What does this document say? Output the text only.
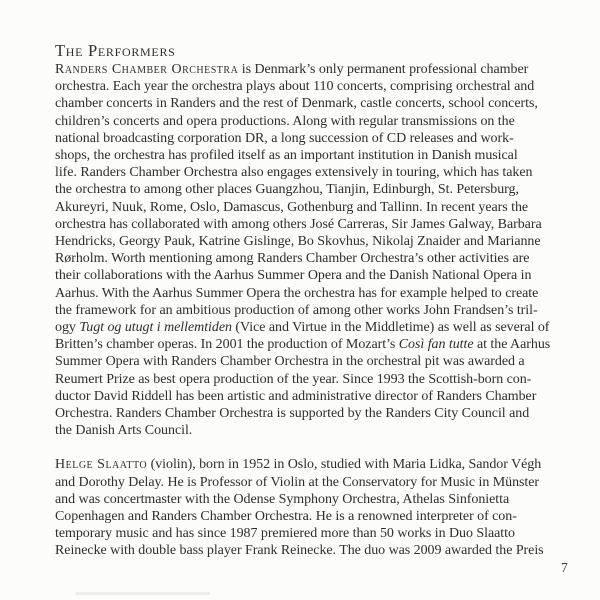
The Performers
Randers Chamber Orchestra is Denmark’s only permanent professional chamber
orchestra. Each year the orchestra plays about 110 concerts, comprising orchestral and
chamber concerts in Randers and the rest of Denmark, castle concerts, school concerts,
children’s concerts and opera productions. Along with regular transmissions on the
national broadcasting corporation DR, a long succession of CD releases and work-
shops, the orchestra has profiled itself as an important institution in Danish musical
life. Randers Chamber Orchestra also engages extensively in touring, which has taken
the orchestra to among other places Guangzhou, Tianjin, Edinburgh, St. Petersburg,
Akureyri, Nuuk, Rome, Oslo, Damascus, Gothenburg and Tallinn. In recent years the
orchestra has collaborated with among others José Carreras, Sir James Galway, Barbara
Hendricks, Georgy Pauk, Katrine Gislinge, Bo Skovhus, Nikolaj Znaider and Marianne
Rørholm. Worth mentioning among Randers Chamber Orchestra’s other activities are
their collaborations with the Aarhus Summer Opera and the Danish National Opera in
Aarhus. With the Aarhus Summer Opera the orchestra has for example helped to create
the framework for an ambitious production of among other works John Frandsen’s tril-
ogy Tugt og utugt i mellemtiden (Vice and Virtue in the Middletime) as well as several of
Britten’s chamber operas. In 2001 the production of Mozart’s Così fan tutte at the Aarhus
Summer Opera with Randers Chamber Orchestra in the orchestral pit was awarded a
Reumert Prize as best opera production of the year. Since 1993 the Scottish-born con-
ductor David Riddell has been artistic and administrative director of Randers Chamber
Orchestra. Randers Chamber Orchestra is supported by the Randers City Council and
the Danish Arts Council.
Helge Slaatto (violin), born in 1952 in Oslo, studied with Maria Lidka, Sandor Végh
and Dorothy Delay. He is Professor of Violin at the Conservatory for Music in Münster
and was concertmaster with the Odense Symphony Orchestra, Athelas Sinfonietta
Copenhagen and Randers Chamber Orchestra. He is a renowned interpreter of con-
temporary music and has since 1987 premiered more than 50 works in Duo Slaatto
Reinecke with double bass player Frank Reinecke. The duo was 2009 awarded the Preis
7
